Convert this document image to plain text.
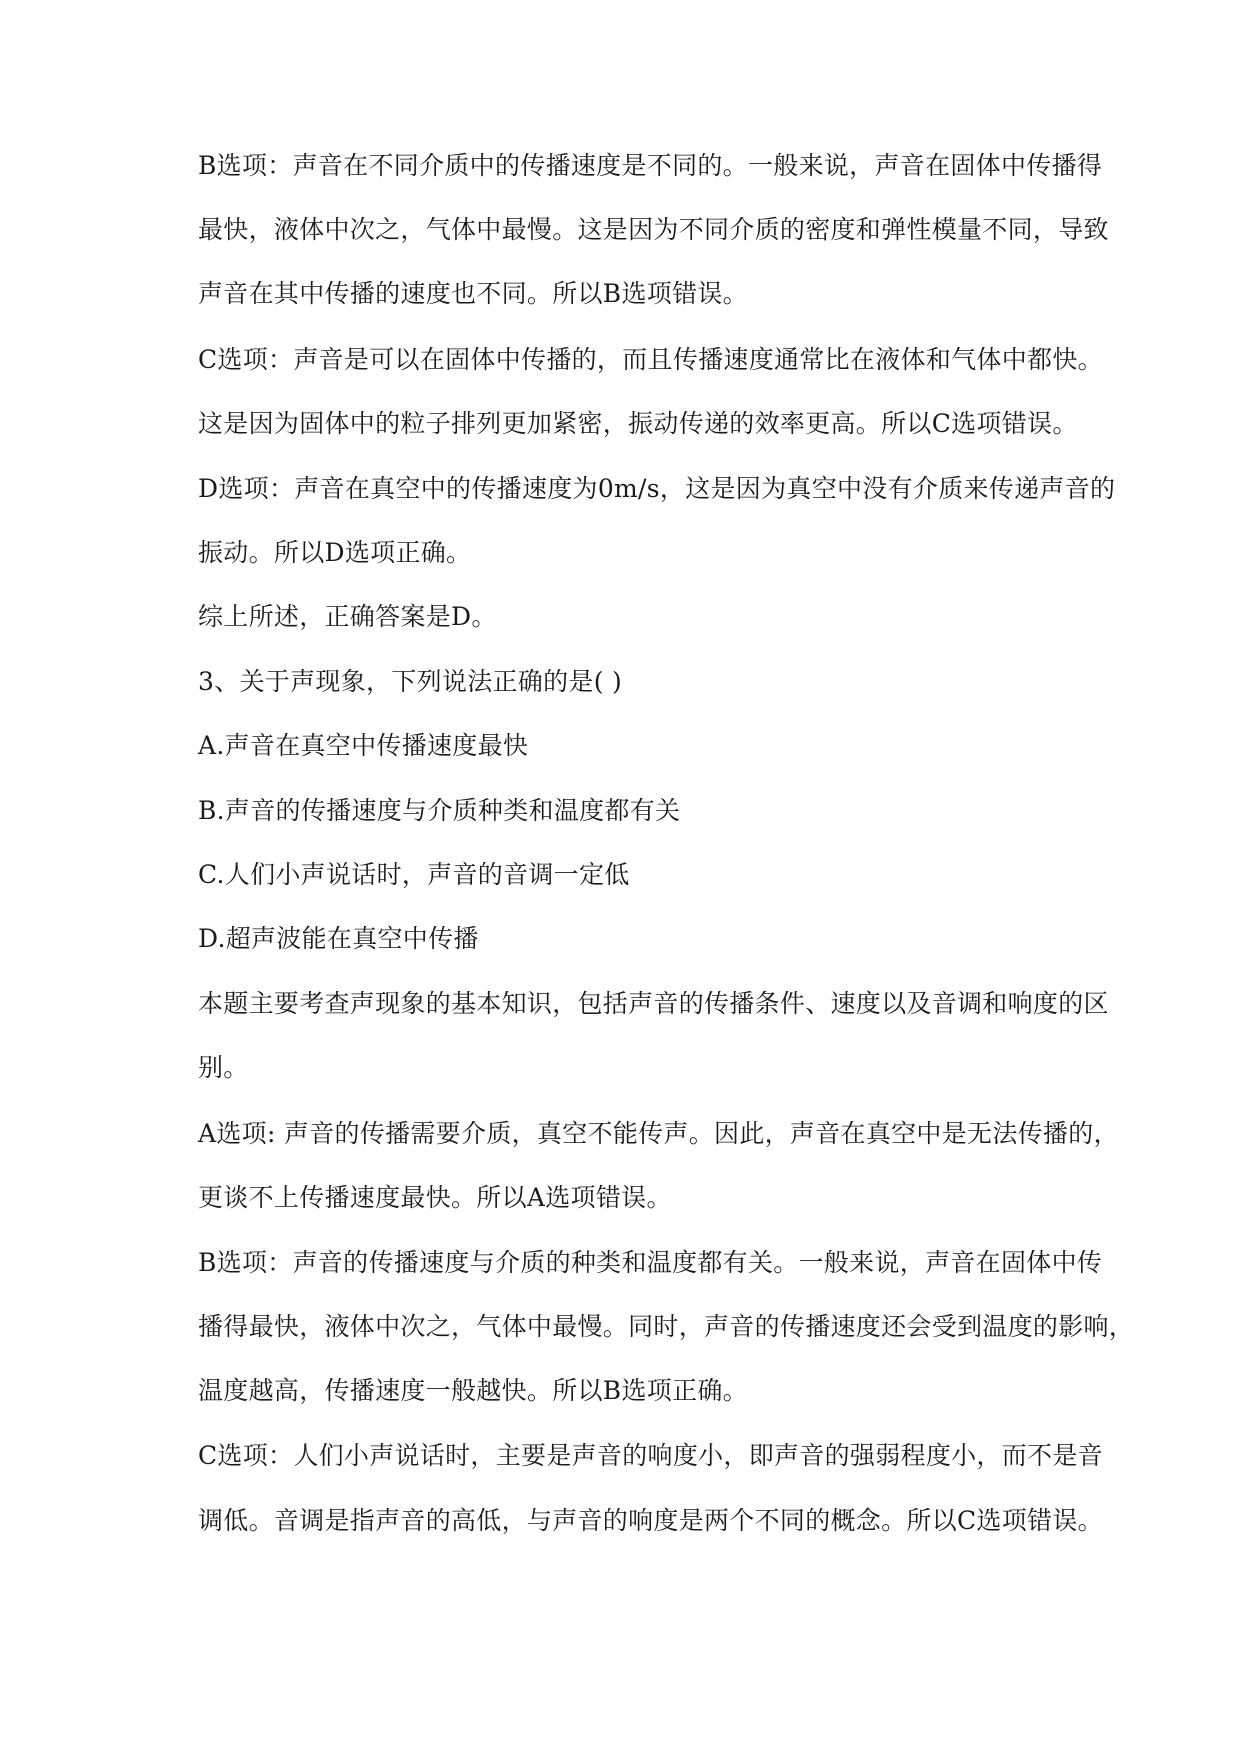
B选项：声音在不同介质中的传播速度是不同的。一般来说，声音在固体中传播得
最快，液体中次之，气体中最慢。这是因为不同介质的密度和弹性模量不同，导致
声音在其中传播的速度也不同。所以B选项错误。
C选项：声音是可以在固体中传播的，而且传播速度通常比在液体和气体中都快。
这是因为固体中的粒子排列更加紧密，振动传递的效率更高。所以C选项错误。
D选项：声音在真空中的传播速度为0m/s，这是因为真空中没有介质来传递声音的
振动。所以D选项正确。
综上所述，正确答案是D。
3、关于声现象，下列说法正确的是( )
A.声音在真空中传播速度最快
B.声音的传播速度与介质种类和温度都有关
C.人们小声说话时，声音的音调一定低
D.超声波能在真空中传播
本题主要考查声现象的基本知识，包括声音的传播条件、速度以及音调和响度的区
别。
A选项: 声音的传播需要介质，真空不能传声。因此，声音在真空中是无法传播的，
更谈不上传播速度最快。所以A选项错误。
B选项：声音的传播速度与介质的种类和温度都有关。一般来说，声音在固体中传
播得最快，液体中次之，气体中最慢。同时，声音的传播速度还会受到温度的影响，
温度越高，传播速度一般越快。所以B选项正确。
C选项：人们小声说话时，主要是声音的响度小，即声音的强弱程度小，而不是音
调低。音调是指声音的高低，与声音的响度是两个不同的概念。所以C选项错误。
